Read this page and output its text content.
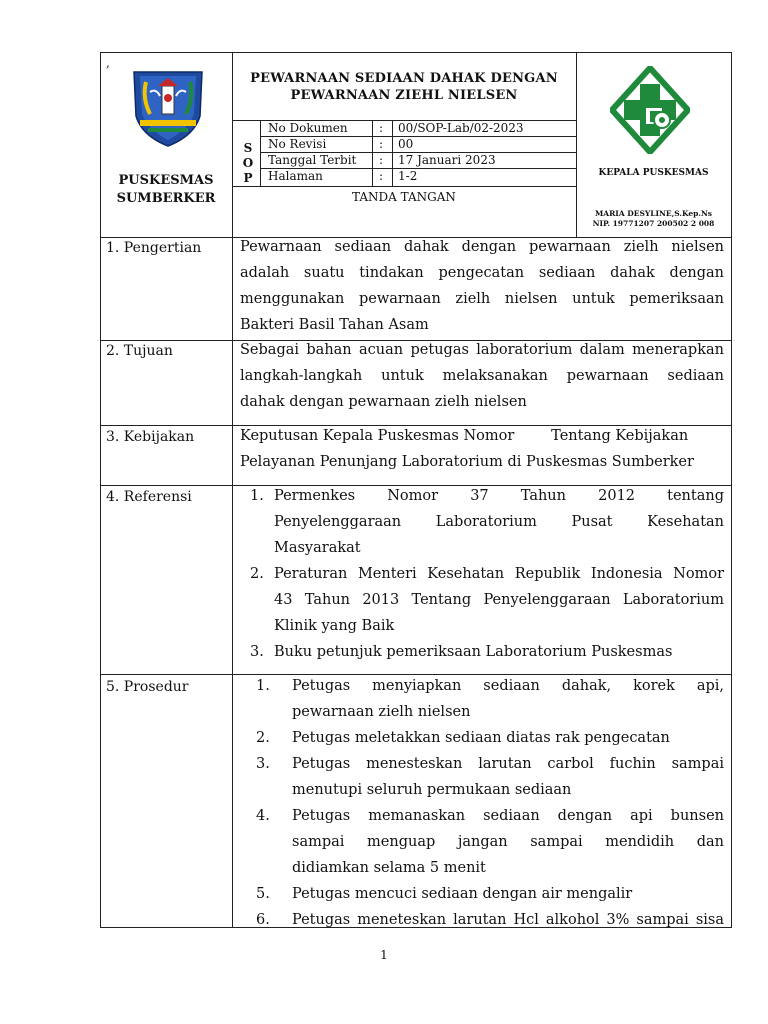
,
PUSKESMAS
SUMBERKER
PEWARNAAN SEDIAAN DAHAK DENGAN
PEWARNAAN ZIEHL NIELSEN
S
O
P
No Dokumen	: 00/SOP-Lab/02-2023
No Revisi	: 00
Tanggal Terbit : 17 Januari 2023
Halaman	: 1-2
TANDA TANGAN
KEPALA PUSKESMAS
MARIA DESYLINE,S.Kep.Ns
NIP. 19771207 200502 2 008
1. Pengertian	Pewarnaan sediaan dahak dengan pewarnaan zielh nielsen
adalah suatu tindakan pengecatan sediaan dahak dengan
menggunakan pewarnaan zielh nielsen untuk pemeriksaan
Bakteri Basil Tahan Asam
2. Tujuan	Sebagai bahan acuan petugas laboratorium dalam menerapkan
langkah-langkah untuk melaksanakan pewarnaan sediaan
dahak dengan pewarnaan zielh nielsen
3. Kebijakan	Keputusan Kepala Puskesmas Nomor        Tentang Kebijakan
Pelayanan Penunjang Laboratorium di Puskesmas Sumberker
4. Referensi	1. Permenkes Nomor 37 Tahun 2012 tentang
Penyelenggaraan Laboratorium Pusat Kesehatan
Masyarakat
2. Peraturan Menteri Kesehatan Republik Indonesia Nomor
43 Tahun 2013 Tentang Penyelenggaraan Laboratorium
Klinik yang Baik
3. Buku petunjuk pemeriksaan Laboratorium Puskesmas
5. Prosedur	1. Petugas menyiapkan sediaan dahak, korek api,
pewarnaan zielh nielsen
2. Petugas meletakkan sediaan diatas rak pengecatan
3. Petugas menesteskan larutan carbol fuchin sampai
menutupi seluruh permukaan sediaan
4. Petugas memanaskan sediaan dengan api bunsen
sampai menguap jangan sampai mendidih dan
didiamkan selama 5 menit
5. Petugas mencuci sediaan dengan air mengalir
6. Petugas meneteskan larutan Hcl alkohol 3% sampai sisa
1
